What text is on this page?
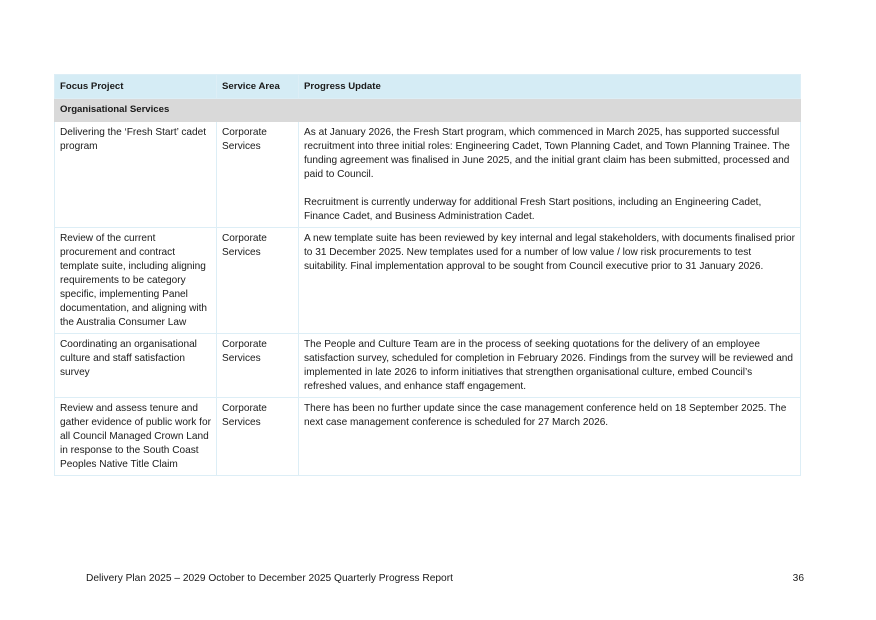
Focus Project	Service Area	Progress Update
Organisational Services		
Delivering the ‘Fresh Start’ cadet program	Corporate Services	As at January 2026, the Fresh Start program, which commenced in March 2025, has supported successful recruitment into three initial roles: Engineering Cadet, Town Planning Cadet, and Town Planning Trainee. The funding agreement was finalised in June 2025, and the initial grant claim has been submitted, processed and paid to Council.
Recruitment is currently underway for additional Fresh Start positions, including an Engineering Cadet, Finance Cadet, and Business Administration Cadet.

Review of the current procurement and contract template suite, including aligning requirements to be category specific, implementing Panel documentation, and aligning with the Australia Consumer Law	Corporate Services	A new template suite has been reviewed by key internal and legal stakeholders, with documents finalised prior to 31 December 2025. New templates used for a number of low value / low risk procurements to test suitability. Final implementation approval to be sought from Council executive prior to 31 January 2026.

Coordinating an organisational culture and staff satisfaction survey	Corporate Services	The People and Culture Team are in the process of seeking quotations for the delivery of an employee satisfaction survey, scheduled for completion in February 2026. Findings from the survey will be reviewed and implemented in late 2026 to inform initiatives that strengthen organisational culture, embed Council’s refreshed values, and enhance staff engagement.

Review and assess tenure and gather evidence of public work for all Council Managed Crown Land in response to the South Coast Peoples Native Title Claim	Corporate Services	There has been no further update since the case management conference held on 18 September 2025. The next case management conference is scheduled for 27 March 2026.
Delivery Plan 2025 – 2029 October to December 2025 Quarterly Progress Report	36
